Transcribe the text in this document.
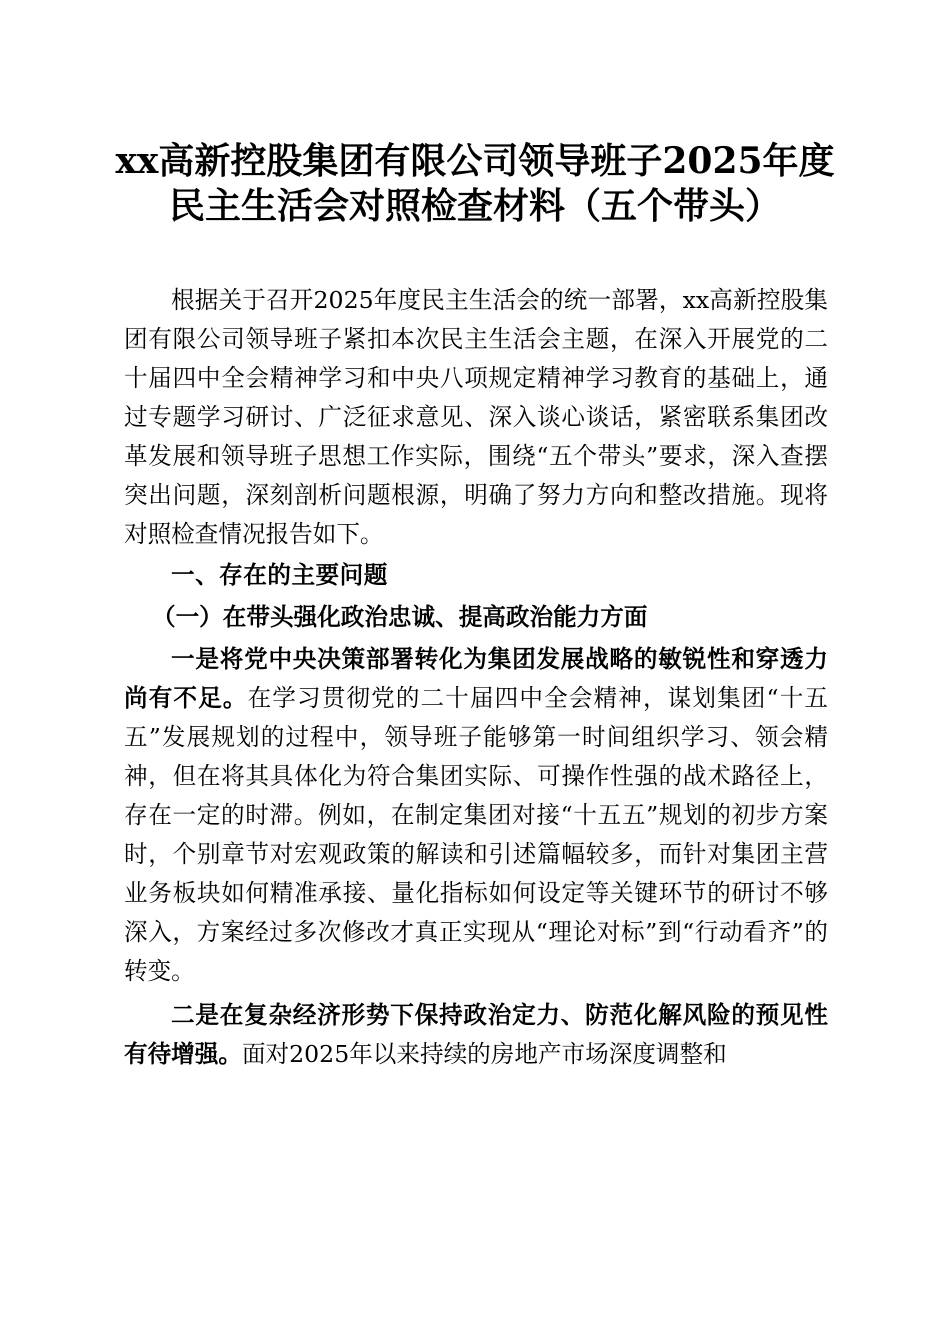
xx高新控股集团有限公司领导班子2025年度
民主生活会对照检查材料（五个带头）

根据关于召开2025年度民主生活会的统一部署，xx高新控股集团有限公司领导班子紧扣本次民主生活会主题，在深入开展党的二十届四中全会精神学习和中央八项规定精神学习教育的基础上，通过专题学习研讨、广泛征求意见、深入谈心谈话，紧密联系集团改革发展和领导班子思想工作实际，围绕“五个带头”要求，深入查摆突出问题，深刻剖析问题根源，明确了努力方向和整改措施。现将对照检查情况报告如下。

一、存在的主要问题

（一）在带头强化政治忠诚、提高政治能力方面

一是将党中央决策部署转化为集团发展战略的敏锐性和穿透力尚有不足。在学习贯彻党的二十届四中全会精神，谋划集团“十五五”发展规划的过程中，领导班子能够第一时间组织学习、领会精神，但在将其具体化为符合集团实际、可操作性强的战术路径上，存在一定的时滞。例如，在制定集团对接“十五五”规划的初步方案时，个别章节对宏观政策的解读和引述篇幅较多，而针对集团主营业务板块如何精准承接、量化指标如何设定等关键环节的研讨不够深入，方案经过多次修改才真正实现从“理论对标”到“行动看齐”的转变。

二是在复杂经济形势下保持政治定力、防范化解风险的预见性有待增强。面对2025年以来持续的房地产市场深度调整和
